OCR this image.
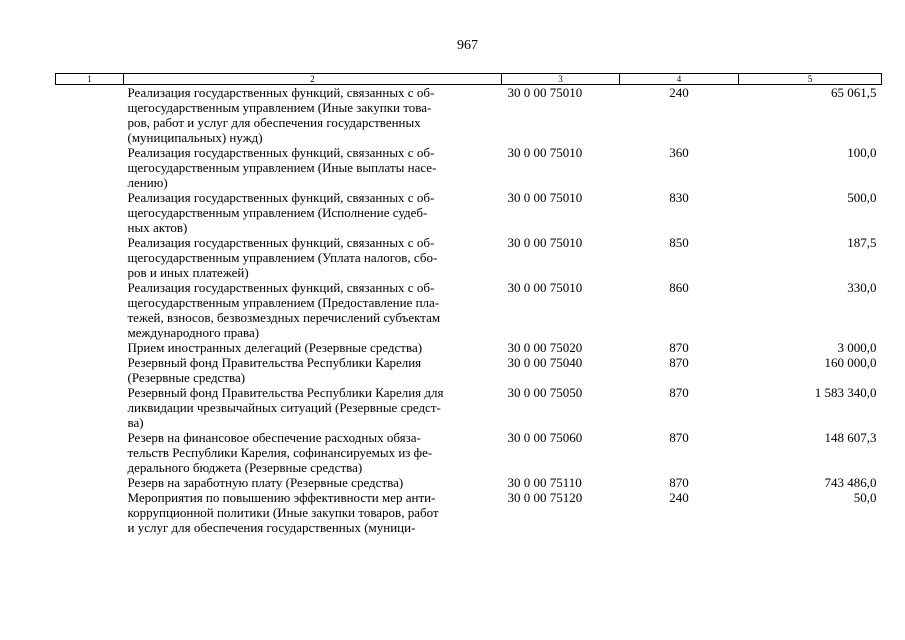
967
1	2	3	4	5
	Реализация государственных функций, связанных с об-
щегосударственным управлением (Иные закупки това-
ров, работ и услуг для обеспечения государственных
(муниципальных) нужд)	30 0 00 75010	240	65 061,5
	Реализация государственных функций, связанных с об-
щегосударственным управлением (Иные выплаты насе-
лению)	30 0 00 75010	360	100,0
	Реализация государственных функций, связанных с об-
щегосударственным управлением (Исполнение судеб-
ных актов)	30 0 00 75010	830	500,0
	Реализация государственных функций, связанных с об-
щегосударственным управлением (Уплата налогов, сбо-
ров и иных платежей)	30 0 00 75010	850	187,5
	Реализация государственных функций, связанных с об-
щегосударственным управлением (Предоставление пла-
тежей, взносов, безвозмездных перечислений субъектам
международного права)	30 0 00 75010	860	330,0
	Прием иностранных делегаций (Резервные средства)	30 0 00 75020	870	3 000,0
	Резервный фонд Правительства Республики Карелия
(Резервные средства)	30 0 00 75040	870	160 000,0
	Резервный фонд Правительства Республики Карелия для
ликвидации чрезвычайных ситуаций (Резервные средст-
ва)	30 0 00 75050	870	1 583 340,0
	Резерв на финансовое обеспечение расходных обяза-
тельств Республики Карелия, софинансируемых из фе-
дерального бюджета (Резервные средства)	30 0 00 75060	870	148 607,3
	Резерв на заработную плату (Резервные средства)	30 0 00 75110	870	743 486,0
	Мероприятия по повышению эффективности мер анти-
коррупционной политики (Иные закупки товаров, работ
и услуг для обеспечения государственных (муници-	30 0 00 75120	240	50,0
